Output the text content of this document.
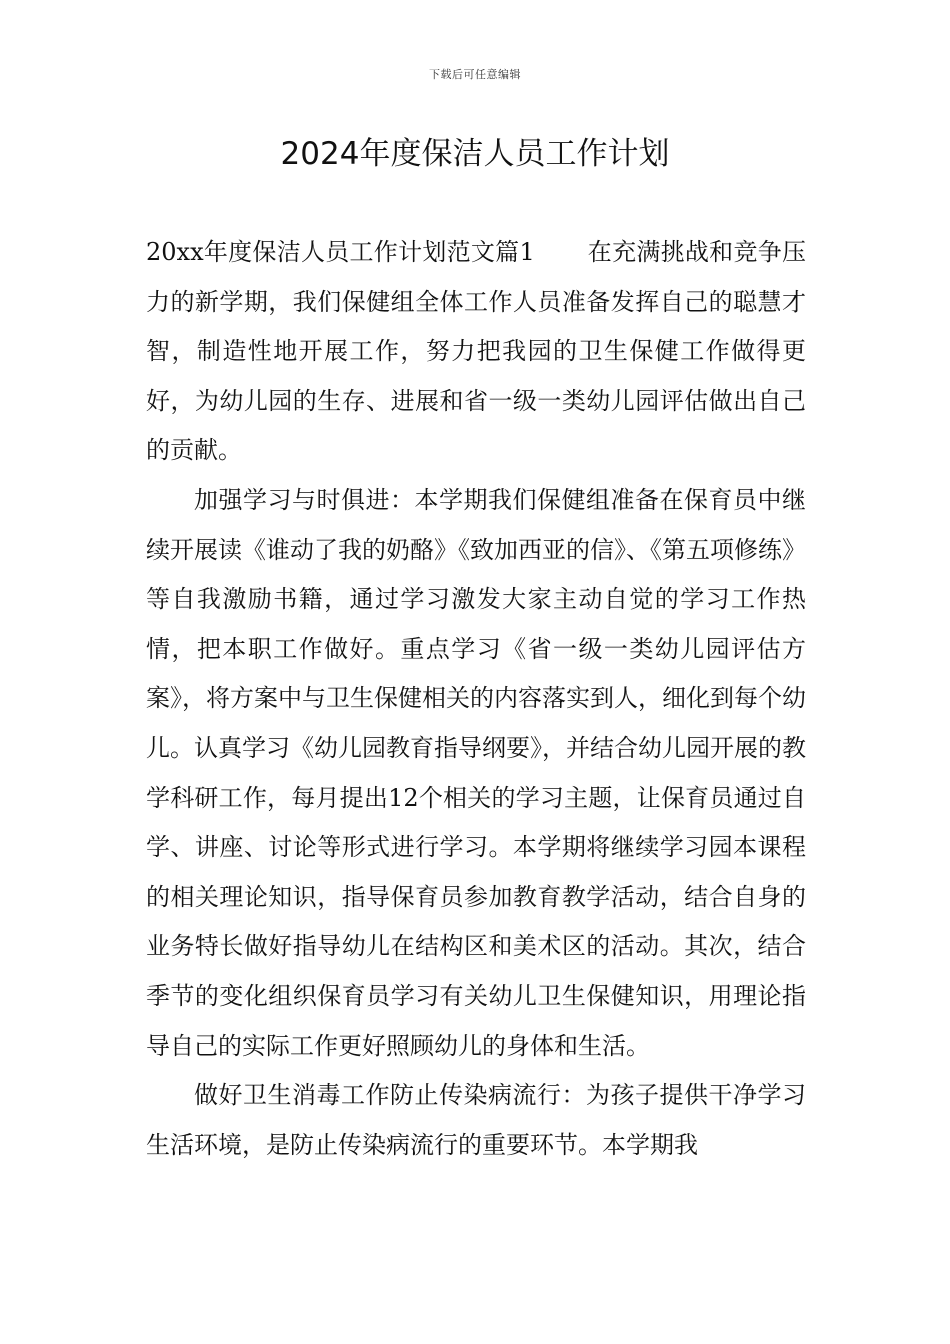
下载后可任意编辑
2024年度保洁人员工作计划

20xx年度保洁人员工作计划范文篇1 在充满挑战和竞争压力的新学期，我们保健组全体工作人员准备发挥自己的聪慧才智，制造性地开展工作，努力把我园的卫生保健工作做得更好，为幼儿园的生存、进展和省一级一类幼儿园评估做出自己的贡献。

加强学习与时俱进：本学期我们保健组准备在保育员中继续开展读《谁动了我的奶酪》《致加西亚的信》、《第五项修练》等自我激励书籍，通过学习激发大家主动自觉的学习工作热情，把本职工作做好。重点学习《省一级一类幼儿园评估方案》，将方案中与卫生保健相关的内容落实到人，细化到每个幼儿。认真学习《幼儿园教育指导纲要》，并结合幼儿园开展的教学科研工作，每月提出12个相关的学习主题，让保育员通过自学、讲座、讨论等形式进行学习。本学期将继续学习园本课程的相关理论知识，指导保育员参加教育教学活动，结合自身的业务特长做好指导幼儿在结构区和美术区的活动。其次，结合季节的变化组织保育员学习有关幼儿卫生保健知识，用理论指导自己的实际工作更好照顾幼儿的身体和生活。

做好卫生消毒工作防止传染病流行：为孩子提供干净学习生活环境，是防止传染病流行的重要环节。本学期我
